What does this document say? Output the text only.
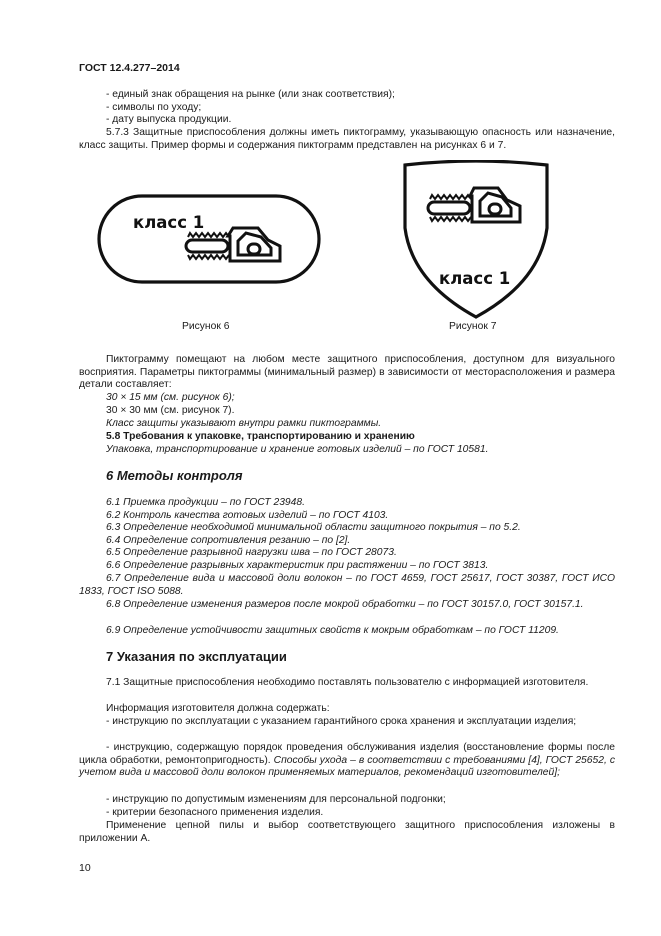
ГОСТ 12.4.277–2014
- единый знак обращения на рынке (или знак соответствия);
- символы по уходу;
- дату выпуска продукции.
5.7.3 Защитные приспособления должны иметь пиктограмму, указывающую опасность или назначение, класс защиты. Пример формы и содержания пиктограмм представлен на рисунках 6 и 7.
класс 1
класс 1
Рисунок 6	Рисунок 7
Пиктограмму помещают на любом месте защитного приспособления, доступном для визуального восприятия. Параметры пиктограммы (минимальный размер) в зависимости от месторасположения и размера детали составляет:
30 × 15 мм (см. рисунок 6);
30 × 30 мм (см. рисунок 7).
Класс защиты указывают внутри рамки пиктограммы.
5.8 Требования к упаковке, транспортированию и хранению
Упаковка, транспортирование и хранение готовых изделий – по ГОСТ 10581.
6 Методы контроля
6.1 Приемка продукции – по ГОСТ 23948.
6.2 Контроль качества готовых изделий – по ГОСТ 4103.
6.3 Определение необходимой минимальной области защитного покрытия – по 5.2.
6.4 Определение сопротивления резанию – по [2].
6.5 Определение разрывной нагрузки шва – по ГОСТ 28073.
6.6 Определение разрывных характеристик при растяжении – по ГОСТ 3813.
6.7 Определение вида и массовой доли волокон – по ГОСТ 4659, ГОСТ 25617, ГОСТ 30387, ГОСТ ИСО 1833, ГОСТ ISO 5088.
6.8 Определение изменения размеров после мокрой обработки – по ГОСТ 30157.0, ГОСТ 30157.1.
6.9 Определение устойчивости защитных свойств к мокрым обработкам – по ГОСТ 11209.
7 Указания по эксплуатации
7.1 Защитные приспособления необходимо поставлять пользователю с информацией изготовителя.
Информация изготовителя должна содержать:
- инструкцию по эксплуатации с указанием гарантийного срока хранения и эксплуатации изделия;
- инструкцию, содержащую порядок проведения обслуживания изделия (восстановление формы после цикла обработки, ремонтопригодность). Способы ухода – в соответствии с требованиями [4], ГОСТ 25652, с учетом вида и массовой доли волокон применяемых материалов, рекомендаций изготовителей];
- инструкцию по допустимым изменениям для персональной подгонки;
- критерии безопасного применения изделия.
Применение цепной пилы и выбор соответствующего защитного приспособления изложены в приложении А.
10
